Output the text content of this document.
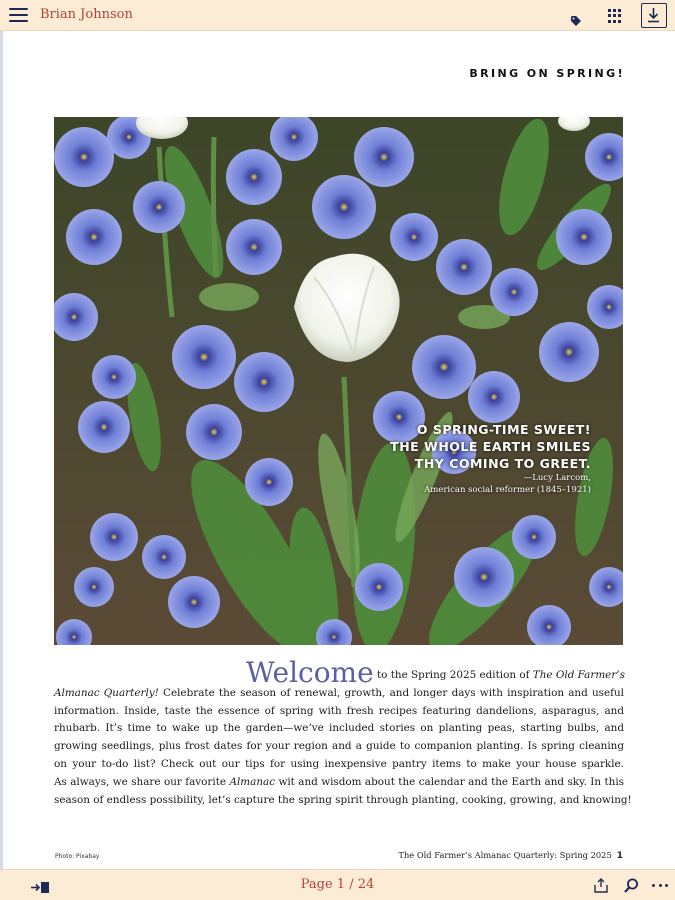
Brian Johnson
BRING ON SPRING!
O SPRING-TIME SWEET!
THE WHOLE EARTH SMILES
THY COMING TO GREET.
—Lucy Larcom,
American social reformer (1845–1921)
Welcome to the Spring 2025 edition of The Old Farmer’s
Almanac Quarterly! Celebrate the season of renewal, growth, and longer days with inspiration and useful
information. Inside, taste the essence of spring with fresh recipes featuring dandelions, asparagus, and
rhubarb. It’s time to wake up the garden—we’ve included stories on planting peas, starting bulbs, and
growing seedlings, plus frost dates for your region and a guide to companion planting. Is spring cleaning
on your to-do list? Check out our tips for using inexpensive pantry items to make your house sparkle.
As always, we share our favorite Almanac wit and wisdom about the calendar and the Earth and sky. In this
season of endless possibility, let’s capture the spring spirit through planting, cooking, growing, and knowing!
Photo: Pixabay	The Old Farmer’s Almanac Quarterly: Spring 2025 1
Page 1 / 24
